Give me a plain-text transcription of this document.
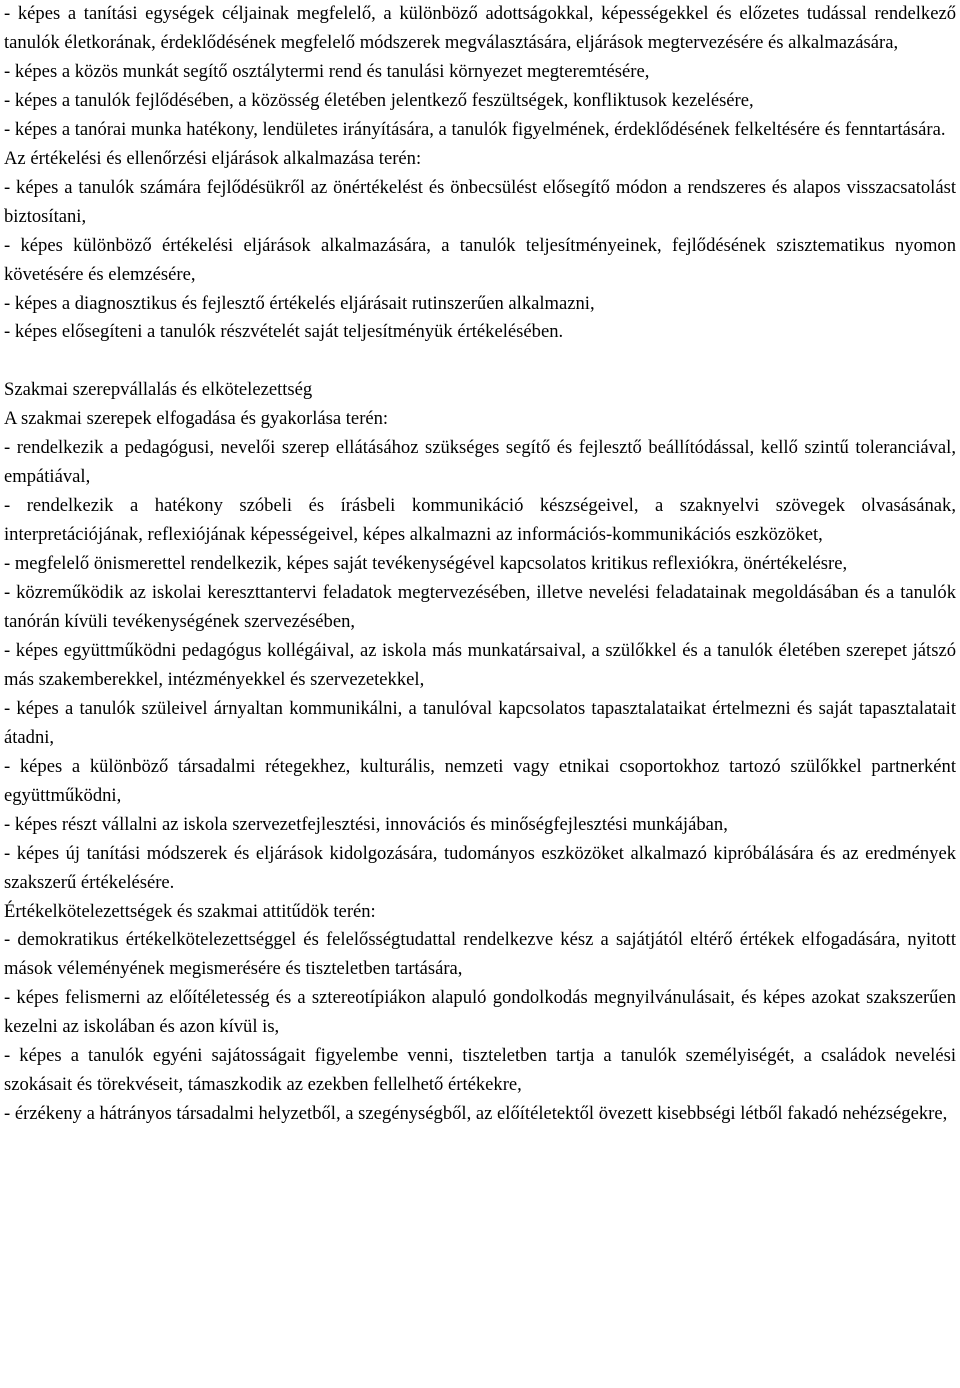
- képes a tanítási egységek céljainak megfelelő, a különböző adottságokkal, képességekkel és előzetes tudással rendelkező tanulók életkorának, érdeklődésének megfelelő módszerek megválasztására, eljárások megtervezésére és alkalmazására,

- képes a közös munkát segítő osztálytermi rend és tanulási környezet megteremtésére,

- képes a tanulók fejlődésében, a közösség életében jelentkező feszültségek, konfliktusok kezelésére,

- képes a tanórai munka hatékony, lendületes irányítására, a tanulók figyelmének, érdeklődésének felkeltésére és fenntartására.

Az értékelési és ellenőrzési eljárások alkalmazása terén:

- képes a tanulók számára fejlődésükről az önértékelést és önbecsülést elősegítő módon a rendszeres és alapos visszacsatolást biztosítani,

- képes különböző értékelési eljárások alkalmazására, a tanulók teljesítményeinek, fejlődésének szisztematikus nyomon követésére és elemzésére,

- képes a diagnosztikus és fejlesztő értékelés eljárásait rutinszerűen alkalmazni,

- képes elősegíteni a tanulók részvételét saját teljesítményük értékelésében.

Szakmai szerepvállalás és elkötelezettség

A szakmai szerepek elfogadása és gyakorlása terén:

- rendelkezik a pedagógusi, nevelői szerep ellátásához szükséges segítő és fejlesztő beállítódással, kellő szintű toleranciával, empátiával,

- rendelkezik a hatékony szóbeli és írásbeli kommunikáció készségeivel, a szaknyelvi szövegek olvasásának, interpretációjának, reflexiójának képességeivel, képes alkalmazni az információs-kommunikációs eszközöket,

- megfelelő önismerettel rendelkezik, képes saját tevékenységével kapcsolatos kritikus reflexiókra, önértékelésre,

- közreműködik az iskolai kereszttantervi feladatok megtervezésében, illetve nevelési feladatainak megoldásában és a tanulók tanórán kívüli tevékenységének szervezésében,

- képes együttműködni pedagógus kollégáival, az iskola más munkatársaival, a szülőkkel és a tanulók életében szerepet játszó más szakemberekkel, intézményekkel és szervezetekkel,

- képes a tanulók szüleivel árnyaltan kommunikálni, a tanulóval kapcsolatos tapasztalataikat értelmezni és saját tapasztalatait átadni,

- képes a különböző társadalmi rétegekhez, kulturális, nemzeti vagy etnikai csoportokhoz tartozó szülőkkel partnerként együttműködni,

- képes részt vállalni az iskola szervezetfejlesztési, innovációs és minőségfejlesztési munkájában,

- képes új tanítási módszerek és eljárások kidolgozására, tudományos eszközöket alkalmazó kipróbálására és az eredmények szakszerű értékelésére.

Értékelkötelezettségek és szakmai attitűdök terén:

- demokratikus értékelkötelezettséggel és felelősségtudattal rendelkezve kész a sajátjától eltérő értékek elfogadására, nyitott mások véleményének megismerésére és tiszteletben tartására,

- képes felismerni az előítéletesség és a sztereotípiákon alapuló gondolkodás megnyilvánulásait, és képes azokat szakszerűen kezelni az iskolában és azon kívül is,

- képes a tanulók egyéni sajátosságait figyelembe venni, tiszteletben tartja a tanulók személyiségét, a családok nevelési szokásait és törekvéseit, támaszkodik az ezekben fellelhető értékekre,

- érzékeny a hátrányos társadalmi helyzetből, a szegénységből, az előítéletektől övezett kisebbségi létből fakadó nehézségekre,
